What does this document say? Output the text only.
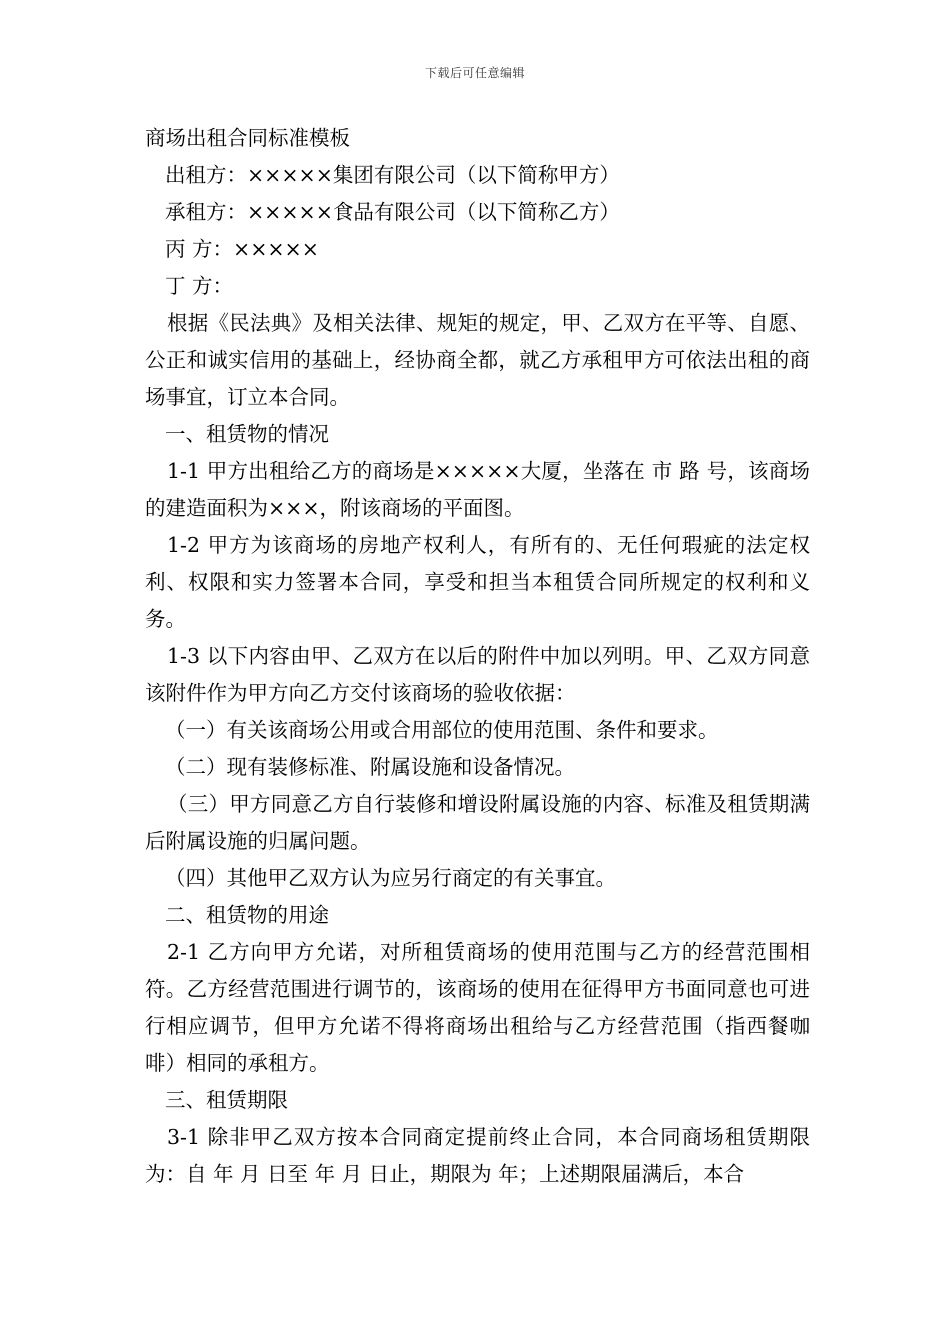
下载后可任意编辑
商场出租合同标准模板
出租方：×××××集团有限公司（以下简称甲方）
承租方：×××××食品有限公司（以下简称乙方）
丙 方：×××××
丁 方：
根据《民法典》及相关法律、规矩的规定，甲、乙双方在平等、自愿、公正和诚实信用的基础上，经协商全都，就乙方承租甲方可依法出租的商场事宜，订立本合同。
一、租赁物的情况
1-1 甲方出租给乙方的商场是×××××大厦，坐落在 市 路 号，该商场的建造面积为×××，附该商场的平面图。
1-2 甲方为该商场的房地产权利人，有所有的、无任何瑕疵的法定权利、权限和实力签署本合同，享受和担当本租赁合同所规定的权利和义务。
1-3 以下内容由甲、乙双方在以后的附件中加以列明。甲、乙双方同意该附件作为甲方向乙方交付该商场的验收依据：
（一）有关该商场公用或合用部位的使用范围、条件和要求。
（二）现有装修标准、附属设施和设备情况。
（三）甲方同意乙方自行装修和增设附属设施的内容、标准及租赁期满后附属设施的归属问题。
（四）其他甲乙双方认为应另行商定的有关事宜。
二、租赁物的用途
2-1 乙方向甲方允诺，对所租赁商场的使用范围与乙方的经营范围相符。乙方经营范围进行调节的，该商场的使用在征得甲方书面同意也可进行相应调节，但甲方允诺不得将商场出租给与乙方经营范围（指西餐咖啡）相同的承租方。
三、租赁期限
3-1 除非甲乙双方按本合同商定提前终止合同，本合同商场租赁期限为：自 年 月 日至 年 月 日止，期限为 年；上述期限届满后，本合
